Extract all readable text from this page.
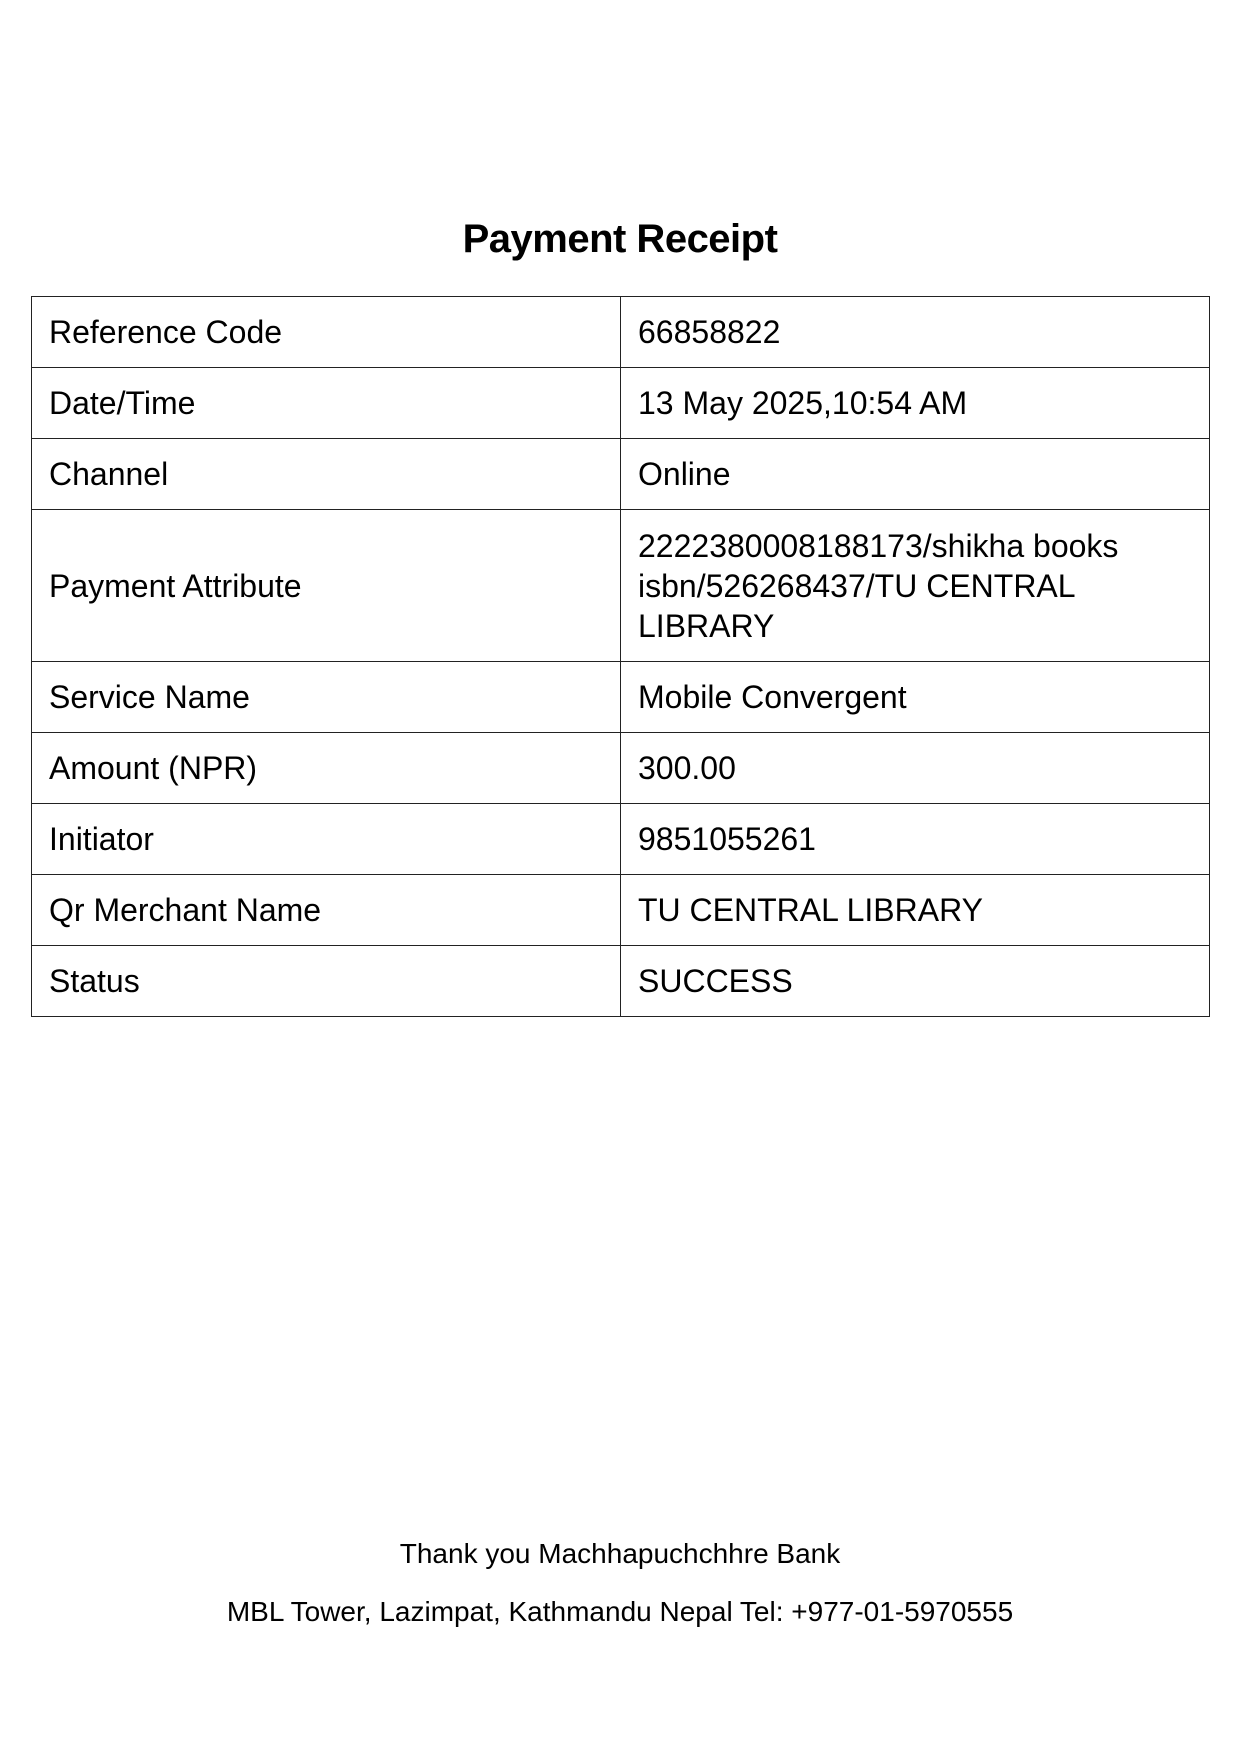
Payment Receipt
Reference Code	66858822
Date/Time	13 May 2025,10:54 AM
Channel	Online
Payment Attribute	2222380008188173/shikha books isbn/526268437/TU CENTRAL LIBRARY
Service Name	Mobile Convergent
Amount (NPR)	300.00
Initiator	9851055261
Qr Merchant Name	TU CENTRAL LIBRARY
Status	SUCCESS
Thank you Machhapuchchhre Bank
MBL Tower, Lazimpat, Kathmandu Nepal Tel: +977-01-5970555
